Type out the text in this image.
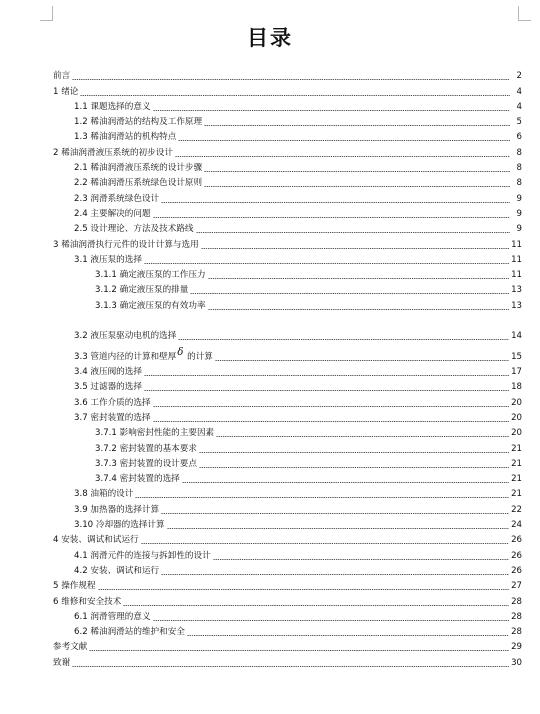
目录
前言	2
1 绪论	4
1.1 课题选择的意义	4
1.2 稀油润滑站的结构及工作原理	5
1.3 稀油润滑站的机构特点	6
2 稀油润滑液压系统的初步设计	8
2.1 稀油润滑液压系统的设计步骤	8
2.2 稀油润滑压系统绿色设计原则	8
2.3 润滑系统绿色设计	9
2.4 主要解决的问题	9
2.5 设计理论、方法及技术路线	9
3 稀油润滑执行元件的设计计算与选用	11
3.1 液压泵的选择	11
3.1.1 确定液压泵的工作压力	11
3.1.2 确定液压泵的排量	13
3.1.3 确定液压泵的有效功率	13
3.2 液压泵驱动电机的选择	14
3.3 管道内径的计算和壁厚δ 的计算	15
3.4 液压阀的选择	17
3.5 过滤器的选择	18
3.6 工作介质的选择	20
3.7 密封装置的选择	20
3.7.1 影响密封性能的主要因素	20
3.7.2 密封装置的基本要求	21
3.7.3 密封装置的设计要点	21
3.7.4 密封装置的选择	21
3.8 油箱的设计	21
3.9 加热器的选择计算	22
3.10 冷却器的选择计算	24
4 安装、调试和试运行	26
4.1 润滑元件的连接与拆卸性的设计	26
4.2 安装、调试和运行	26
5 操作规程	27
6 维修和安全技术	28
6.1 润滑管理的意义	28
6.2 稀油润滑站的维护和安全	28
参考文献	29
致谢	30
